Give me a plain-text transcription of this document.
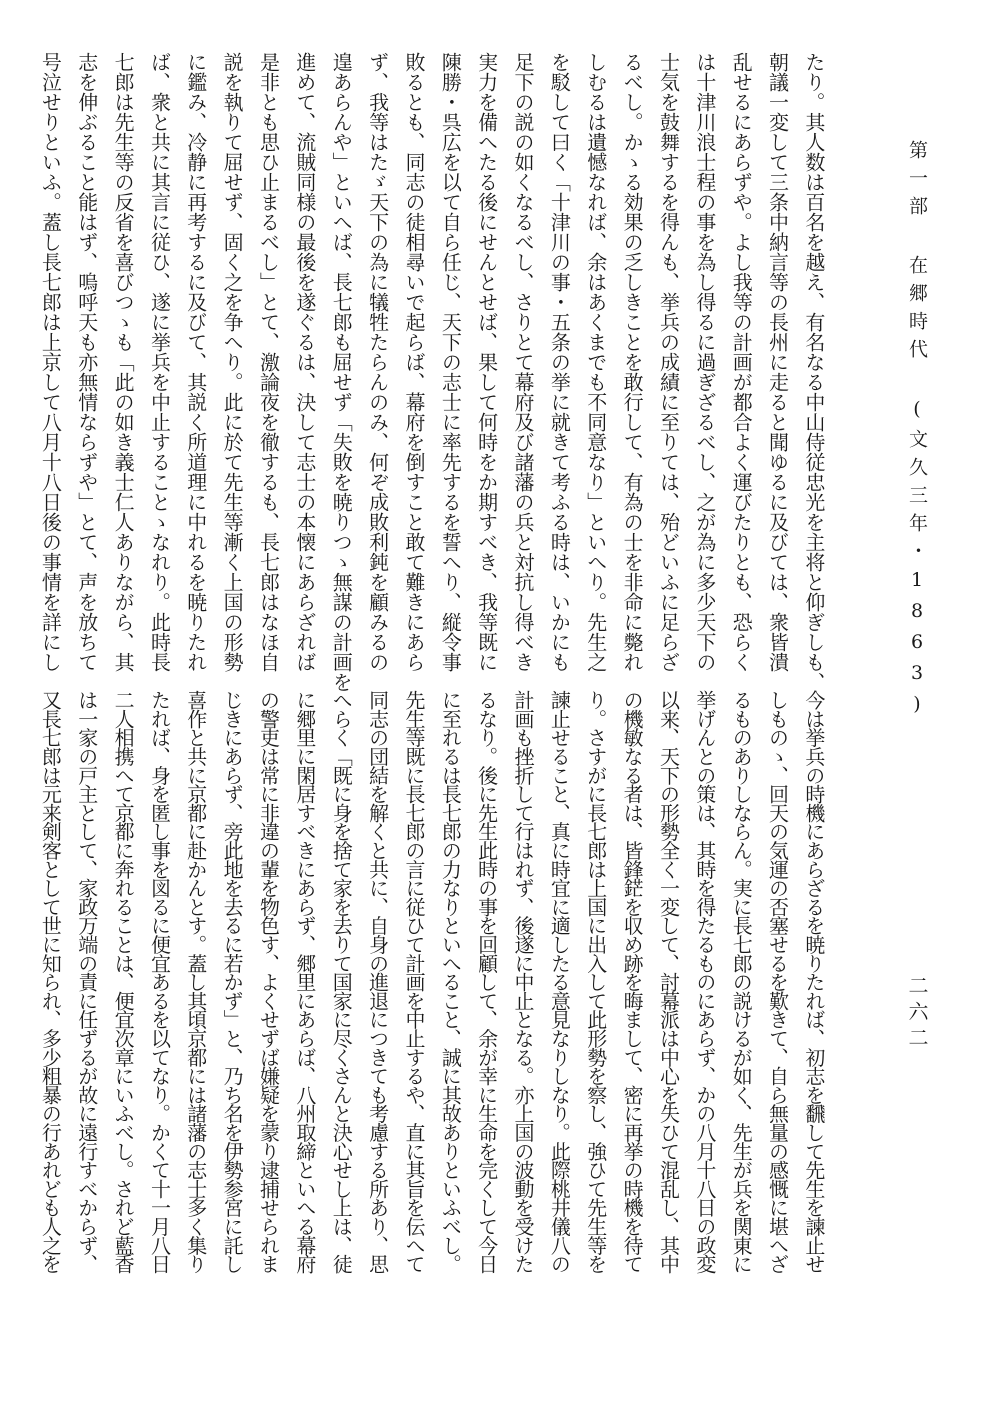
第一部 在郷時代 (文久三年・1863)
二六二
たり。其人数は百名を越え、有名なる中山侍従忠光を主将と仰ぎしも、
朝議一変して三条中納言等の長州に走ると聞ゆるに及びては、衆皆潰
乱せるにあらずや。よし我等の計画が都合よく運びたりとも、恐らく
は十津川浪士程の事を為し得るに過ぎざるべし、之が為に多少天下の
士気を鼓舞するを得んも、挙兵の成績に至りては、殆どいふに足らざ
るべし。かゝる効果の乏しきことを敢行して、有為の士を非命に斃れ
しむるは遺憾なれば、余はあくまでも不同意なり」といへり。先生之
を駁して曰く「十津川の事・五条の挙に就きて考ふる時は、いかにも
足下の説の如くなるべし、さりとて幕府及び諸藩の兵と対抗し得べき
実力を備へたる後にせんとせば、果して何時をか期すべき、我等既に
陳勝・呉広を以て自ら任じ、天下の志士に率先するを誓へり、縦令事
敗るとも、同志の徒相尋いで起らば、幕府を倒すこと敢て難きにあら
ず、我等はたゞ天下の為に犠牲たらんのみ、何ぞ成敗利鈍を顧みるの
遑あらんや」といへば、長七郎も屈せず「失敗を暁りつゝ無謀の計画を
進めて、流賊同様の最後を遂ぐるは、決して志士の本懐にあらざれば
是非とも思ひ止まるべし」とて、激論夜を徹するも、長七郎はなほ自
説を執りて屈せず、固く之を争へり。此に於て先生等漸く上国の形勢
に鑑み、冷静に再考するに及びて、其説く所道理に中れるを暁りたれ
ば、衆と共に其言に従ひ、遂に挙兵を中止することゝなれり。此時長
七郎は先生等の反省を喜びつゝも「此の如き義士仁人ありながら、其
志を伸ぶること能はず、嗚呼天も亦無情ならずや」とて、声を放ちて
号泣せりといふ。蓋し長七郎は上京して八月十八日後の事情を詳にし
今は挙兵の時機にあらざるを暁りたれば、初志を飜して先生を諫止せ
しものゝ、回天の気運の否塞せるを歎きて、自ら無量の感慨に堪へざ
るものありしならん。実に長七郎の説けるが如く、先生が兵を関東に
挙げんとの策は、其時を得たるものにあらず、かの八月十八日の政変
以来、天下の形勢全く一変して、討幕派は中心を失ひて混乱し、其中
の機敏なる者は、皆鋒鋩を収め跡を晦まして、密に再挙の時機を待て
り。さすがに長七郎は上国に出入して此形勢を察し、強ひて先生等を
諫止せること、真に時宜に適したる意見なりしなり。此際桃井儀八の
計画も挫折して行はれず、後遂に中止となる。亦上国の波動を受けた
るなり。後に先生此時の事を回顧して、余が幸に生命を完くして今日
に至れるは長七郎の力なりといへること、誠に其故ありといふべし。
先生等既に長七郎の言に従ひて計画を中止するや、直に其旨を伝へて
同志の団結を解くと共に、自身の進退につきても考慮する所あり、思
へらく「既に身を捨て家を去りて国家に尽くさんと決心せし上は、徒
に郷里に閑居すべきにあらず、郷里にあらば、八州取締といへる幕府
の警吏は常に非違の輩を物色す、よくせずば嫌疑を蒙り逮捕せられま
じきにあらず、旁此地を去るに若かず」と、乃ち名を伊勢参宮に託し
喜作と共に京都に赴かんとす。蓋し其頃京都には諸藩の志士多く集り
たれば、身を匿し事を図るに便宜あるを以てなり。かくて十一月八日
二人相携へて京都に奔れることは、便宜次章にいふべし。されど藍香
は一家の戸主として、家政万端の責に任ずるが故に遠行すべからず、
又長七郎は元来剣客として世に知られ、多少粗暴の行あれども人之を
